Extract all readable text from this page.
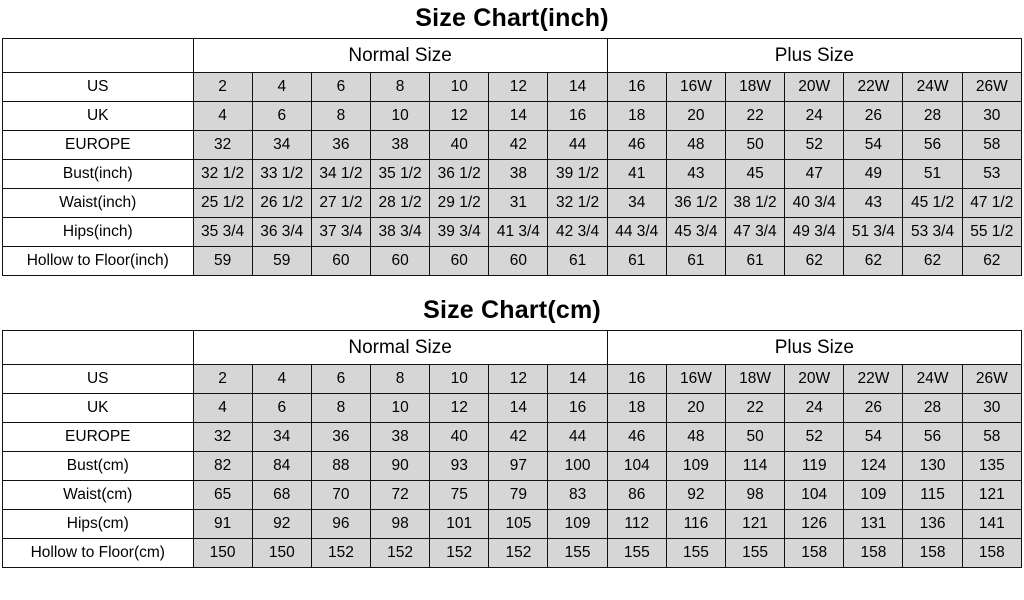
Size Chart(inch)
	Normal Size							Plus Size						
US	2	4	6	8	10	12	14	16	16W	18W	20W	22W	24W	26W
UK	4	6	8	10	12	14	16	18	20	22	24	26	28	30
EUROPE	32	34	36	38	40	42	44	46	48	50	52	54	56	58
Bust(inch)	32 1/2	33 1/2	34 1/2	35 1/2	36 1/2	38	39 1/2	41	43	45	47	49	51	53
Waist(inch)	25 1/2	26 1/2	27 1/2	28 1/2	29 1/2	31	32 1/2	34	36 1/2	38 1/2	40 3/4	43	45 1/2	47 1/2
Hips(inch)	35 3/4	36 3/4	37 3/4	38 3/4	39 3/4	41 3/4	42 3/4	44 3/4	45 3/4	47 3/4	49 3/4	51 3/4	53 3/4	55 1/2
Hollow to Floor(inch)	59	59	60	60	60	60	61	61	61	61	62	62	62	62
Size Chart(cm)
	Normal Size							Plus Size						
US	2	4	6	8	10	12	14	16	16W	18W	20W	22W	24W	26W
UK	4	6	8	10	12	14	16	18	20	22	24	26	28	30
EUROPE	32	34	36	38	40	42	44	46	48	50	52	54	56	58
Bust(cm)	82	84	88	90	93	97	100	104	109	114	119	124	130	135
Waist(cm)	65	68	70	72	75	79	83	86	92	98	104	109	115	121
Hips(cm)	91	92	96	98	101	105	109	112	116	121	126	131	136	141
Hollow to Floor(cm)	150	150	152	152	152	152	155	155	155	155	158	158	158	158
